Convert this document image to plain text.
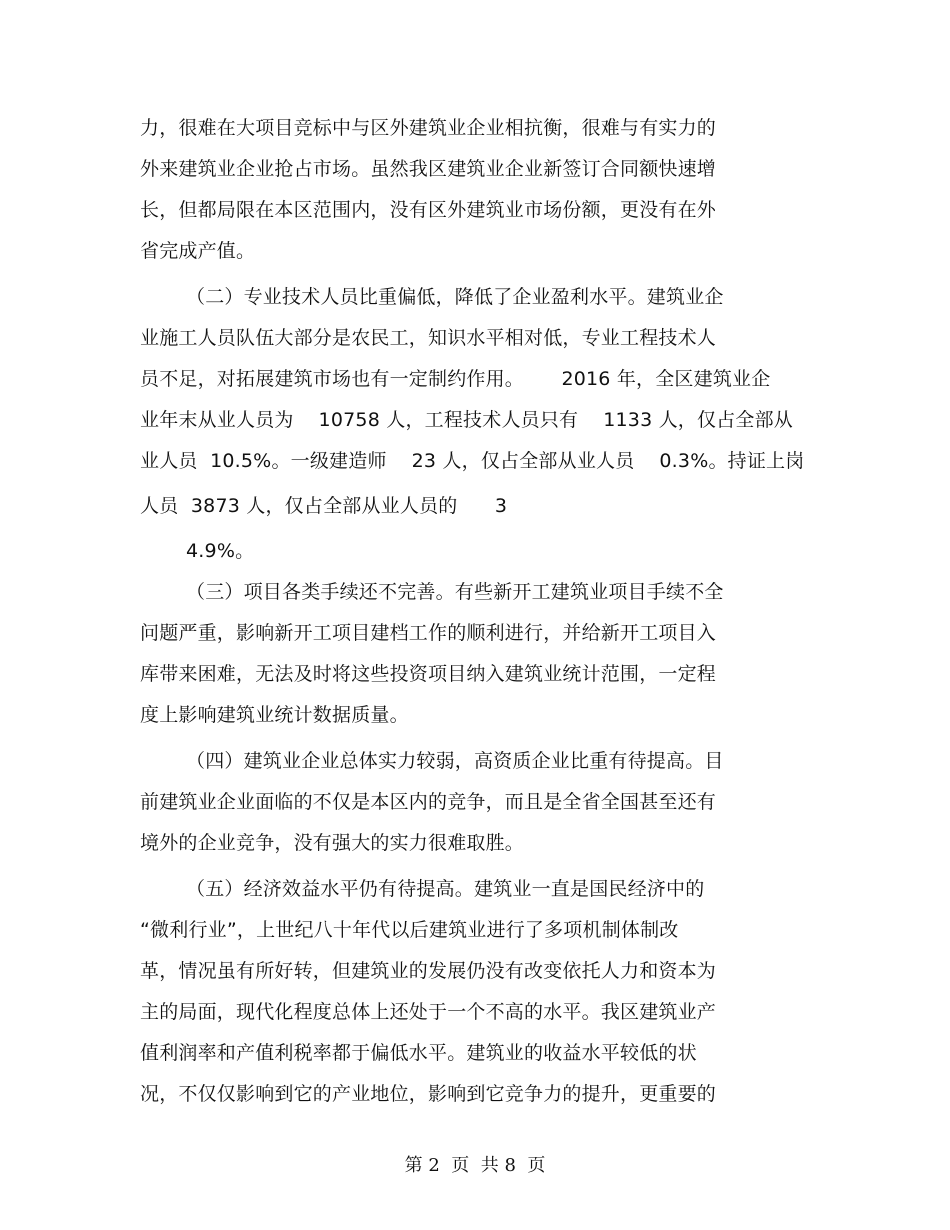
力，很难在大项目竞标中与区外建筑业企业相抗衡，很难与有实力的
外来建筑业企业抢占市场。虽然我区建筑业企业新签订合同额快速增
长，但都局限在本区范围内，没有区外建筑业市场份额，更没有在外
省完成产值。
（二）专业技术人员比重偏低，降低了企业盈利水平。建筑业企
业施工人员队伍大部分是农民工，知识水平相对低，专业工程技术人
员不足，对拓展建筑市场也有一定制约作用。      2016 年，全区建筑业企
业年末从业人员为    10758 人，工程技术人员只有    1133 人，仅占全部从
业人员  10.5%。一级建造师    23 人，仅占全部从业人员    0.3%。持证上岗
人员  3873 人，仅占全部从业人员的      3
4.9%。
（三）项目各类手续还不完善。有些新开工建筑业项目手续不全
问题严重，影响新开工项目建档工作的顺利进行，并给新开工项目入
库带来困难，无法及时将这些投资项目纳入建筑业统计范围，一定程
度上影响建筑业统计数据质量。
（四）建筑业企业总体实力较弱，高资质企业比重有待提高。目
前建筑业企业面临的不仅是本区内的竞争，而且是全省全国甚至还有
境外的企业竞争，没有强大的实力很难取胜。
（五）经济效益水平仍有待提高。建筑业一直是国民经济中的
“微利行业”，上世纪八十年代以后建筑业进行了多项机制体制改
革，情况虽有所好转，但建筑业的发展仍没有改变依托人力和资本为
主的局面，现代化程度总体上还处于一个不高的水平。我区建筑业产
值利润率和产值利税率都于偏低水平。建筑业的收益水平较低的状
况，不仅仅影响到它的产业地位，影响到它竞争力的提升，更重要的
第 2  页  共 8  页
